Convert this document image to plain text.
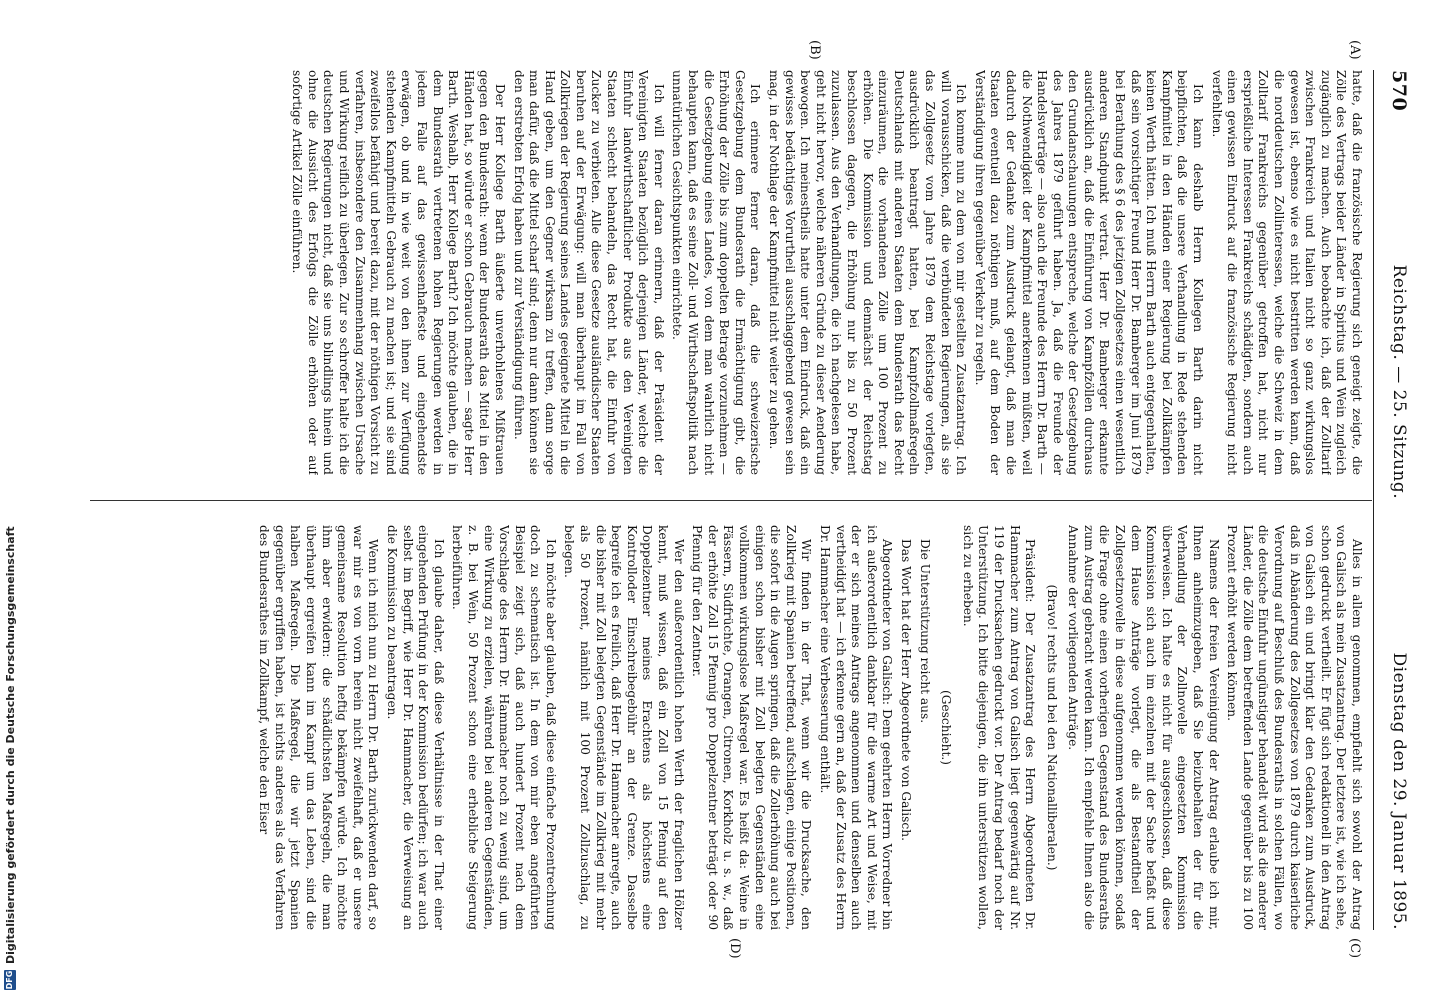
570
Reichstag. — 25. Sitzung.
Dienstag den 29. Januar 1895.
(A)
(B)
(C)
(D)

hatte, daß die französische Regierung sich geneigt zeigte, die Zölle des Vertrags beider Länder in Spiritus und Wein zugleich zugänglich zu machen. Auch beobachte ich, daß der Zolltarif zwischen Frankreich und Italien nicht so ganz wirkungslos gewesen ist, ebenso wie es nicht bestritten werden kann, daß die norddeutschen Zollinteressen, welche die Schweiz in dem Zolltarif Frankreichs gegenüber getroffen hat, nicht nur ersprießliche Interessen Frankreichs schädigten, sondern auch einen gewissen Eindruck auf die französische Regierung nicht verfehlten.

Ich kann deshalb Herrn Kollegen Barth darin nicht beipflichten, daß die unsere Verhandlung in Rede stehenden Kampfmittel in den Händen einer Regierung bei Zollkämpfen keinen Werth hätten. Ich muß Herrn Barth auch entgegenhalten, daß sein vorsichtiger Freund Herr Dr. Bamberger im Juni 1879 bei Berathung des § 6 des jetzigen Zollgesetzes einen wesentlich anderen Standpunkt vertrat. Herr Dr. Bamberger erkannte ausdrücklich an, daß die Einführung von Kampfzöllen durchaus den Grundanschauungen entspreche, welche der Gesetzgebung des Jahres 1879 geführt haben. Ja, daß die Freunde der Handelsverträge — also auch die Freunde des Herrn Dr. Barth — die Nothwendigkeit der Kampfmittel anerkennen müßten, weil dadurch der Gedanke zum Ausdruck gelangt, daß man die Staaten eventuell dazu nöthigen muß, auf dem Boden der Verständigung ihren gegenüber Verkehr zu regeln.

Ich komme nun zu dem von mir gestellten Zusatzantrag. Ich will vorausschicken, daß die verbündeten Regierungen, als sie das Zollgesetz vom Jahre 1879 dem Reichstage vorlegten, ausdrücklich beantragt hatten, bei Kampfzollmaßregeln Deutschlands mit anderen Staaten dem Bundesrath das Recht einzuräumen, die vorhandenen Zölle um 100 Prozent zu erhöhen. Die Kommission und demnächst der Reichstag beschlossen dagegen, die Erhöhung nur bis zu 50 Prozent zuzulassen. Aus den Verhandlungen, die ich nachgelesen habe, geht nicht hervor, welche näheren Gründe zu dieser Aenderung bewogen. Ich meinestheils hatte unter dem Eindruck, daß ein gewisses bedächtiges Vorurtheil ausschlaggebend gewesen sein mag, in der Nothlage der Kampfmittel nicht weiter zu gehen.

Ich erinnere ferner daran, daß die schweizerische Gesetzgebung dem Bundesrath die Ermächtigung gibt, die Erhöhung der Zölle bis zum doppelten Betrage vorzunehmen — die Gesetzgebung eines Landes, von dem man wahrlich nicht behaupten kann, daß es seine Zoll- und Wirthschaftspolitik nach unnatürlichen Gesichtspunkten einrichtete.

Ich will ferner daran erinnern, daß der Präsident der Vereinigten Staaten bezüglich derjenigen Länder, welche die Einfuhr landwirthschaftlicher Produkte aus den Vereinigten Staaten schlecht behandeln, das Recht hat, die Einfuhr von Zucker zu verbieten. Alle diese Gesetze ausländischer Staaten beruhen auf der Erwägung: will man überhaupt im Fall von Zollkriegen der Regierung seines Landes geeignete Mittel in die Hand geben, um den Gegner wirksam zu treffen, dann sorge man dafür, daß die Mittel scharf sind; denn nur dann können sie den erstrebten Erfolg haben und zur Verständigung führen.

Der Herr Kollege Barth äußerte unverhohlenes Mißtrauen gegen den Bundesrath: wenn der Bundesrath das Mittel in den Händen hat, so würde er schon Gebrauch machen — sagte Herr Barth. Weshalb, Herr Kollege Barth? Ich möchte glauben, die in dem Bundesrath vertretenen hohen Regierungen werden in jedem Falle auf das gewissenhafteste und eingehendste erwägen, ob und in wie weit von den ihnen zur Verfügung stehenden Kampfmitteln Gebrauch zu machen ist; und sie sind zweifellos befähigt und bereit dazu, mit der nöthigen Vorsicht zu verfahren, insbesondere den Zusammenhang zwischen Ursache und Wirkung reiflich zu überlegen. Zur so schroffer halte ich die deutschen Regierungen nicht, daß sie uns blindlings hinein und ohne die Aussicht des Erfolgs die Zölle erhöhen oder auf sofortige Artikel Zölle einführen.

Alles in allem genommen, empfiehlt sich sowohl der Antrag von Galisch als mein Zusatzantrag. Der letztere ist, wie ich sehe, schon gedruckt vertheilt. Er fügt sich redaktionell in den Antrag von Galisch ein und bringt klar den Gedanken zum Ausdruck, daß in Abänderung des Zollgesetzes von 1879 durch kaiserliche Verordnung auf Beschluß des Bundesraths in solchen Fällen, wo die deutsche Einfuhr ungünstiger behandelt wird als die anderer Länder, die Zölle dem betreffenden Lande gegenüber bis zu 100 Prozent erhöht werden können.

Namens der freien Vereinigung der Antrag erlaube ich mir, Ihnen anheimzugeben, daß Sie beizubehalten der für die Verhandlung der Zollnovelle eingesetzten Kommission überweisen. Ich halte es nicht für ausgeschlossen, daß diese Kommission sich auch im einzelnen mit der Sache befaßt und dem Hause Anträge vorlegt, die als Bestandtheil der Zollgesetznovelle in diese aufgenommen werden können, sodaß die Frage ohne einen vorherigen Gegenstand des Bundesraths zum Austrag gebracht werden kann. Ich empfehle Ihnen also die Annahme der vorliegenden Anträge.

(Bravo! rechts und bei den Nationalliberalen.)

Präsident: Der Zusatzantrag des Herrn Abgeordneten Dr. Hammacher zum Antrag von Galisch liegt gegenwärtig auf Nr. 119 der Drucksachen gedruckt vor. Der Antrag bedarf noch der Unterstützung. Ich bitte diejenigen, die ihn unterstützen wollen, sich zu erheben.

(Geschieht.)

Die Unterstützung reicht aus.

Das Wort hat der Herr Abgeordnete von Galisch.

Abgeordneter von Galisch: Dem geehrten Herrn Vorredner bin ich außerordentlich dankbar für die warme Art und Weise, mit der er sich meines Antrags angenommen und denselben auch vertheidigt hat — ich erkenne gern an, daß der Zusatz des Herrn Dr. Hammacher eine Verbesserung enthält.

Wir finden in der That, wenn wir die Drucksache, den Zollkrieg mit Spanien betreffend, aufschlagen, einige Positionen, die sofort in die Augen springen, daß die Zollerhöhung auch bei einigen schon bisher mit Zoll belegten Gegenständen eine vollkommen wirkungslose Maßregel war. Es heißt da: Weine in Fässern, Südfrüchte, Orangen, Citronen, Korkholz u. s. w., daß der erhöhte Zoll 15 Pfennig pro Doppelzentner beträgt oder 90 Pfennig für den Zentner.

Wer den außerordentlich hohen Werth der fraglichen Hölzer kennt, muß wissen, daß ein Zoll von 15 Pfennig auf den Doppelzentner meines Erachtens als höchstens eine Kontrolloder Einschreibegebühr an der Grenze. Dasselbe begreife ich es freilich, daß Herr Dr. Hammacher anregte, auch die bisher mit Zoll belegten Gegenstände im Zollkrieg mit mehr als 50 Prozent, nämlich mit 100 Prozent Zollzuschlag, zu belegen.

Ich möchte aber glauben, daß diese einfache Prozentrechnung doch zu schematisch ist. In dem von mir eben angeführten Beispiel zeigt sich, daß auch hundert Prozent nach dem Vorschlage des Herrn Dr. Hammacher noch zu wenig sind, um eine Wirkung zu erzielen, während bei anderen Gegenständen, z. B. bei Wein, 50 Prozent schon eine erhebliche Steigerung herbeiführen.

Ich glaube daher, daß diese Verhältnisse in der That einer eingehenden Prüfung in der Kommission bedürfen; ich war auch selbst im Begriff, wie Herr Dr. Hammacher, die Verweisung an die Kommission zu beantragen.

Wenn ich mich nun zu Herrn Dr. Barth zurückwenden darf, so war mir es von vorn herein nicht zweifelhaft, daß er unsere gemeinsame Resolution heftig bekämpfen würde. Ich möchte ihm aber erwidern: die schädlichsten Maßregeln, die man überhaupt ergreifen kann im Kampf um das Leben, sind die halben Maßregeln. Die Maßregel, die wir jetzt Spanien gegenüber ergriffen haben, ist nichts anderes als das Verfahren des Bundesrathes im Zollkampf, welche den Eiser

DFG
Digitalisierung gefördert durch die Deutsche Forschungsgemeinschaft
